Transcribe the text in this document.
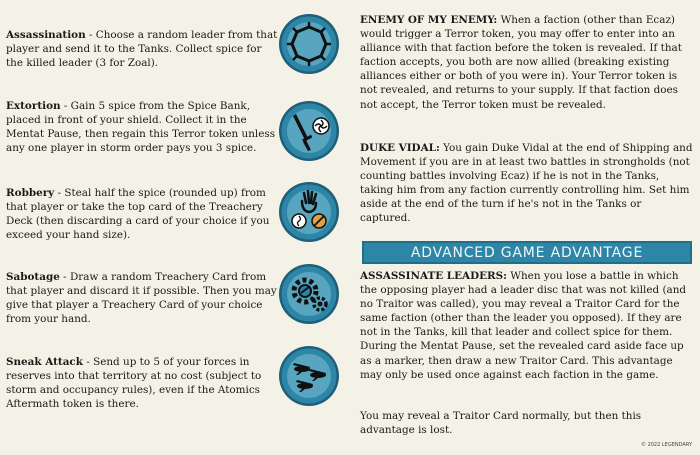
Assassination - Choose a random leader from that player and send it to the Tanks. Collect spice for the killed leader (3 for Zoal).
Extortion - Gain 5 spice from the Spice Bank, placed in front of your shield. Collect it in the Mentat Pause, then regain this Terror token unless any one player in storm order pays you 3 spice.
Robbery - Steal half the spice (rounded up) from that player or take the top card of the Treachery Deck (then discarding a card of your choice if you exceed your hand size).
Sabotage - Draw a random Treachery Card from that player and discard it if possible. Then you may give that player a Treachery Card of your choice from your hand.
Sneak Attack - Send up to 5 of your forces in reserves into that territory at no cost (subject to storm and occupancy rules), even if the Atomics Aftermath token is there.

ENEMY OF MY ENEMY: When a faction (other than Ecaz) would trigger a Terror token, you may offer to enter into an alliance with that faction before the token is revealed. If that faction accepts, you both are now allied (breaking existing alliances either or both of you were in). Your Terror token is not revealed, and returns to your supply. If that faction does not accept, the Terror token must be revealed.

DUKE VIDAL: You gain Duke Vidal at the end of Shipping and Movement if you are in at least two battles in strongholds (not counting battles involving Ecaz) if he is not in the Tanks, taking him from any faction currently controlling him. Set him aside at the end of the turn if he's not in the Tanks or captured.

ADVANCED GAME ADVANTAGE

ASSASSINATE LEADERS: When you lose a battle in which the opposing player had a leader disc that was not killed (and no Traitor was called), you may reveal a Traitor Card for the same faction (other than the leader you opposed). If they are not in the Tanks, kill that leader and collect spice for them. During the Mentat Pause, set the revealed card aside face up as a marker, then draw a new Traitor Card. This advantage may only be used once against each faction in the game.

You may reveal a Traitor Card normally, but then this advantage is lost.

© 2022 LEGENDARY
